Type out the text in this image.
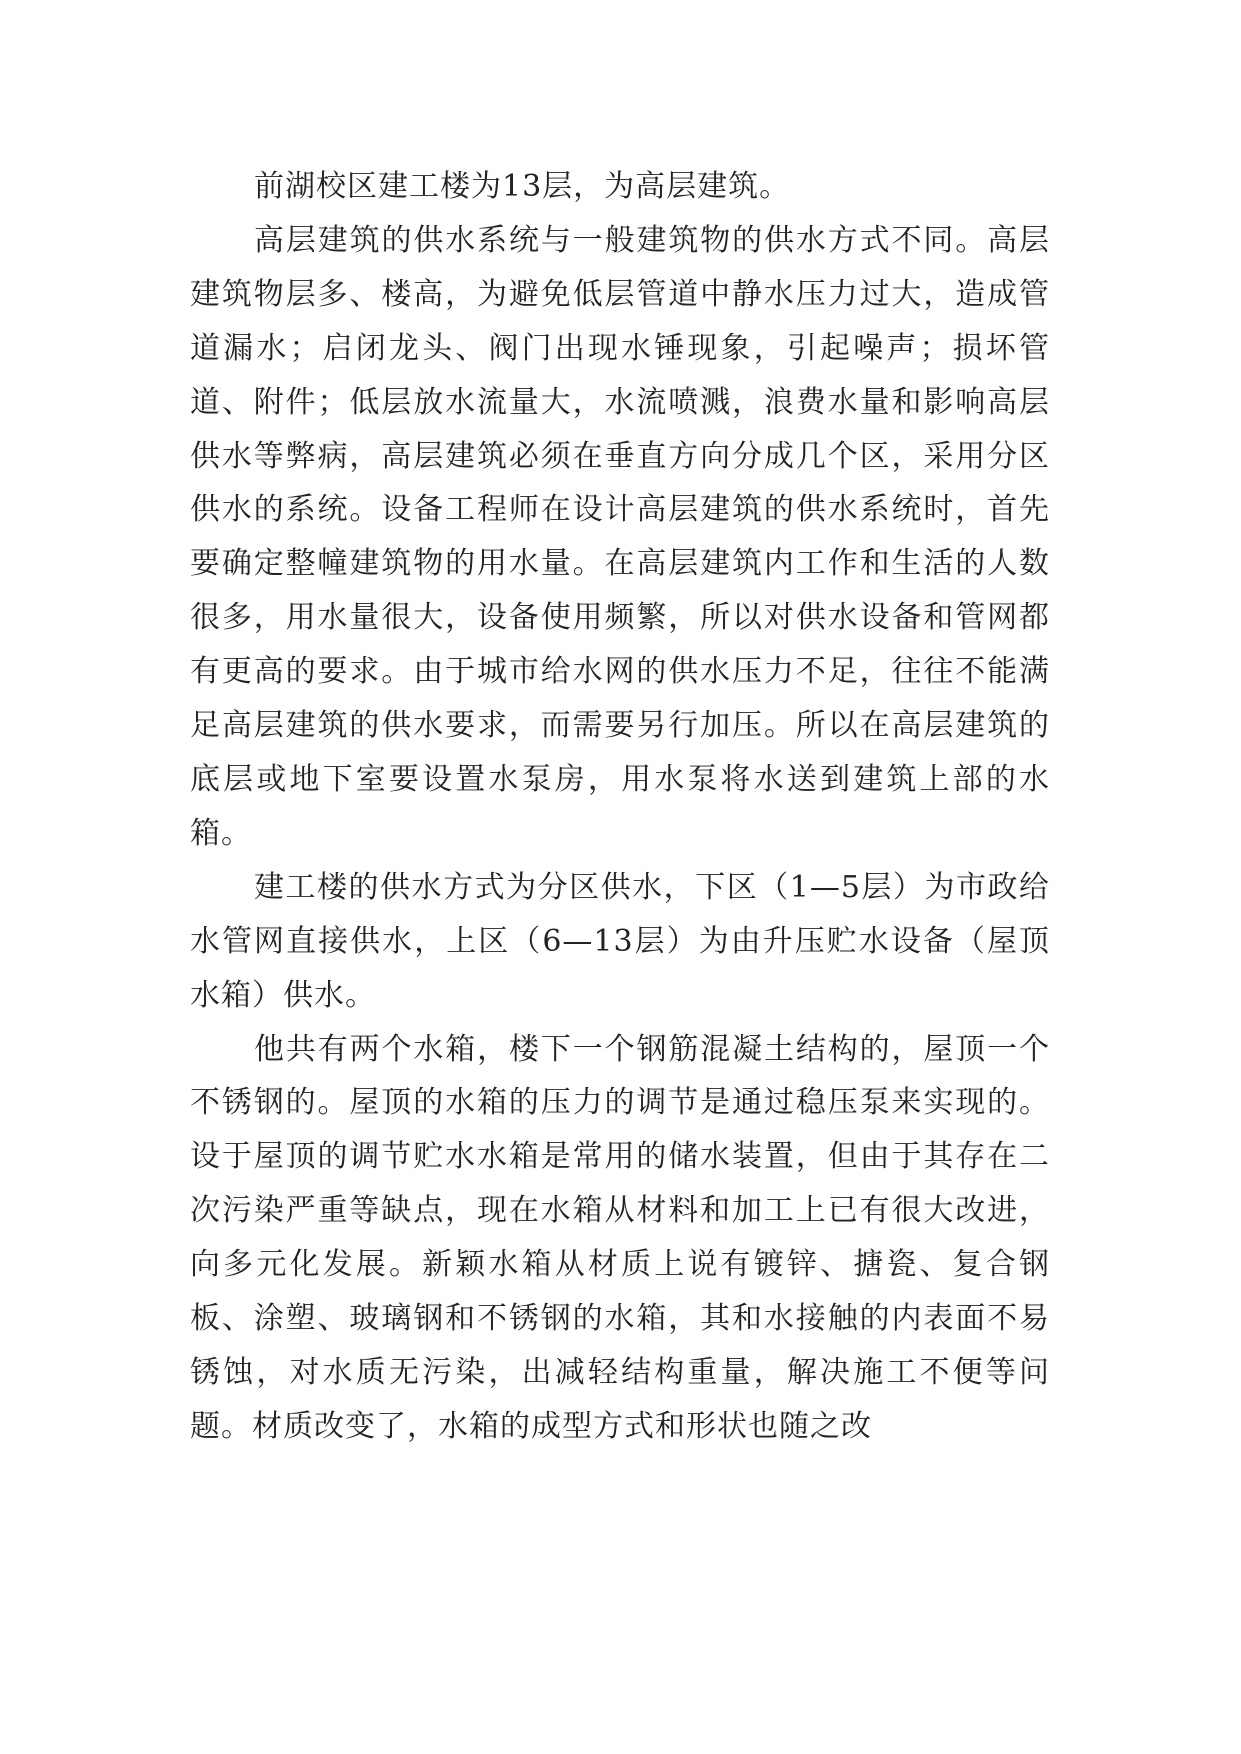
前湖校区建工楼为13层，为高层建筑。

高层建筑的供水系统与一般建筑物的供水方式不同。高层建筑物层多、楼高，为避免低层管道中静水压力过大，造成管道漏水；启闭龙头、阀门出现水锤现象，引起噪声；损坏管道、附件；低层放水流量大，水流喷溅，浪费水量和影响高层供水等弊病，高层建筑必须在垂直方向分成几个区，采用分区供水的系统。设备工程师在设计高层建筑的供水系统时，首先要确定整幢建筑物的用水量。在高层建筑内工作和生活的人数很多，用水量很大，设备使用频繁，所以对供水设备和管网都有更高的要求。由于城市给水网的供水压力不足，往往不能满足高层建筑的供水要求，而需要另行加压。所以在高层建筑的底层或地下室要设置水泵房，用水泵将水送到建筑上部的水箱。

建工楼的供水方式为分区供水，下区（1—5层）为市政给水管网直接供水，上区（6—13层）为由升压贮水设备（屋顶水箱）供水。

他共有两个水箱，楼下一个钢筋混凝土结构的，屋顶一个不锈钢的。屋顶的水箱的压力的调节是通过稳压泵来实现的。设于屋顶的调节贮水水箱是常用的储水装置，但由于其存在二次污染严重等缺点，现在水箱从材料和加工上已有很大改进，向多元化发展。新颖水箱从材质上说有镀锌、搪瓷、复合钢板、涂塑、玻璃钢和不锈钢的水箱，其和水接触的内表面不易锈蚀，对水质无污染，出减轻结构重量，解决施工不便等问题。材质改变了，水箱的成型方式和形状也随之改
